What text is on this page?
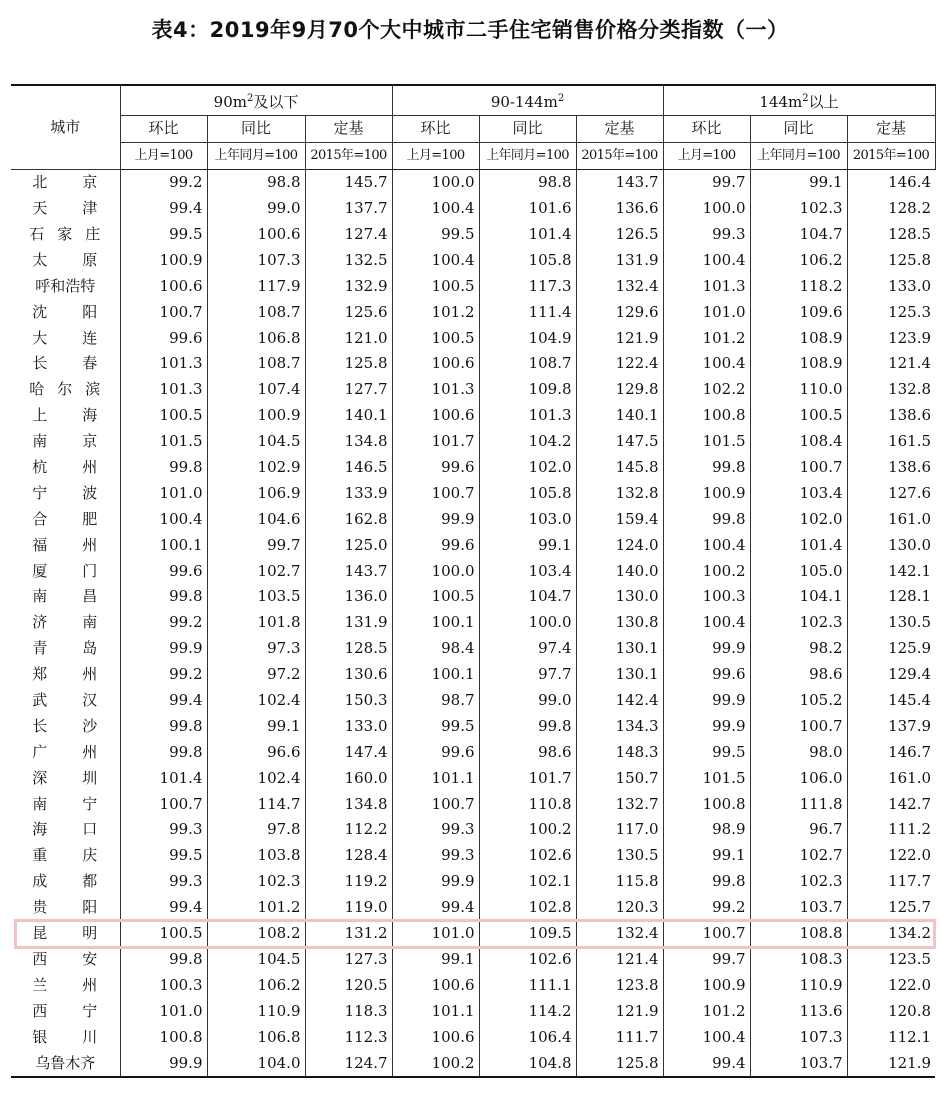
表4：2019年9月70个大中城市二手住宅销售价格分类指数（一）
城市	$90m^2$及以下			$90-144m^2$			$144m^2$以上		
	环比	同比	定基	环比	同比	定基	环比	同比	定基
	上月=100	上年同月=100	2015年=100	上月=100	上年同月=100	2015年=100	上月=100	上年同月=100	2015年=100
北京	99.2	98.8	145.7	100.0	98.8	143.7	99.7	99.1	146.4
天津	99.4	99.0	137.7	100.4	101.6	136.6	100.0	102.3	128.2
石家庄	99.5	100.6	127.4	99.5	101.4	126.5	99.3	104.7	128.5
太原	100.9	107.3	132.5	100.4	105.8	131.9	100.4	106.2	125.8
呼和浩特	100.6	117.9	132.9	100.5	117.3	132.4	101.3	118.2	133.0
沈阳	100.7	108.7	125.6	101.2	111.4	129.6	101.0	109.6	125.3
大连	99.6	106.8	121.0	100.5	104.9	121.9	101.2	108.9	123.9
长春	101.3	108.7	125.8	100.6	108.7	122.4	100.4	108.9	121.4
哈尔滨	101.3	107.4	127.7	101.3	109.8	129.8	102.2	110.0	132.8
上海	100.5	100.9	140.1	100.6	101.3	140.1	100.8	100.5	138.6
南京	101.5	104.5	134.8	101.7	104.2	147.5	101.5	108.4	161.5
杭州	99.8	102.9	146.5	99.6	102.0	145.8	99.8	100.7	138.6
宁波	101.0	106.9	133.9	100.7	105.8	132.8	100.9	103.4	127.6
合肥	100.4	104.6	162.8	99.9	103.0	159.4	99.8	102.0	161.0
福州	100.1	99.7	125.0	99.6	99.1	124.0	100.4	101.4	130.0
厦门	99.6	102.7	143.7	100.0	103.4	140.0	100.2	105.0	142.1
南昌	99.8	103.5	136.0	100.5	104.7	130.0	100.3	104.1	128.1
济南	99.2	101.8	131.9	100.1	100.0	130.8	100.4	102.3	130.5
青岛	99.9	97.3	128.5	98.4	97.4	130.1	99.9	98.2	125.9
郑州	99.2	97.2	130.6	100.1	97.7	130.1	99.6	98.6	129.4
武汉	99.4	102.4	150.3	98.7	99.0	142.4	99.9	105.2	145.4
长沙	99.8	99.1	133.0	99.5	99.8	134.3	99.9	100.7	137.9
广州	99.8	96.6	147.4	99.6	98.6	148.3	99.5	98.0	146.7
深圳	101.4	102.4	160.0	101.1	101.7	150.7	101.5	106.0	161.0
南宁	100.7	114.7	134.8	100.7	110.8	132.7	100.8	111.8	142.7
海口	99.3	97.8	112.2	99.3	100.2	117.0	98.9	96.7	111.2
重庆	99.5	103.8	128.4	99.3	102.6	130.5	99.1	102.7	122.0
成都	99.3	102.3	119.2	99.9	102.1	115.8	99.8	102.3	117.7
贵阳	99.4	101.2	119.0	99.4	102.8	120.3	99.2	103.7	125.7
昆明	100.5	108.2	131.2	101.0	109.5	132.4	100.7	108.8	134.2
西安	99.8	104.5	127.3	99.1	102.6	121.4	99.7	108.3	123.5
兰州	100.3	106.2	120.5	100.6	111.1	123.8	100.9	110.9	122.0
西宁	101.0	110.9	118.3	101.1	114.2	121.9	101.2	113.6	120.8
银川	100.8	106.8	112.3	100.6	106.4	111.7	100.4	107.3	112.1
乌鲁木齐	99.9	104.0	124.7	100.2	104.8	125.8	99.4	103.7	121.9
